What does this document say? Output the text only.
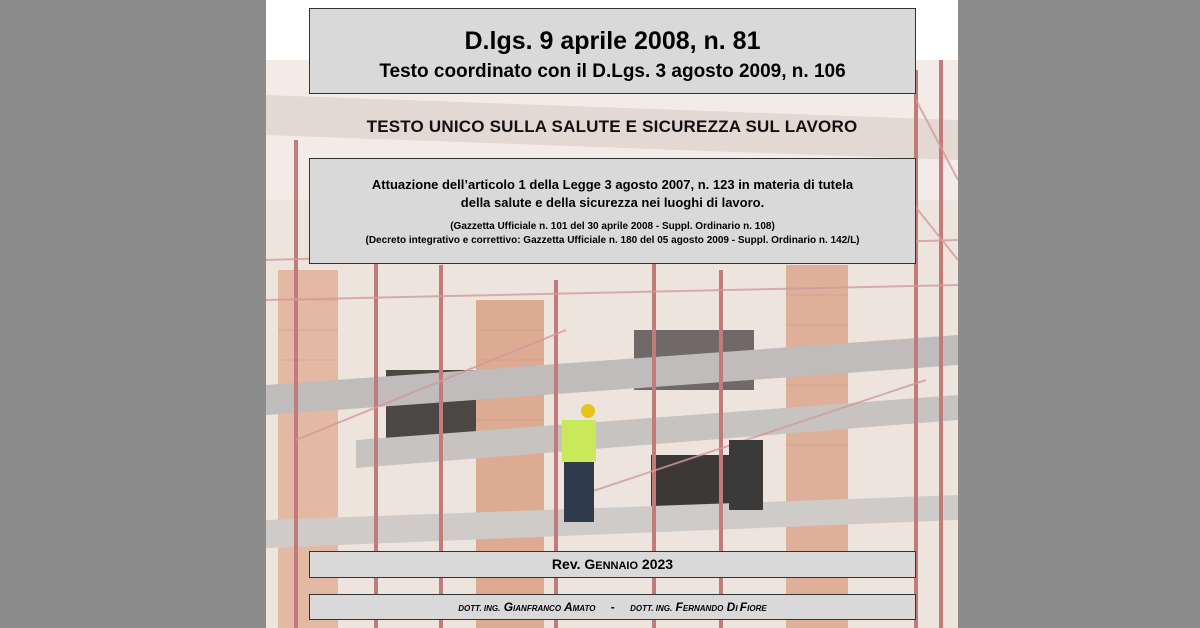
D.lgs. 9 aprile 2008, n. 81
Testo coordinato con il D.Lgs. 3 agosto 2009, n. 106
TESTO UNICO SULLA SALUTE E SICUREZZA SUL LAVORO
Attuazione dell’articolo 1 della Legge 3 agosto 2007, n. 123 in materia di tutela
della salute e della sicurezza nei luoghi di lavoro.
(Gazzetta Ufficiale n. 101 del 30 aprile 2008 - Suppl. Ordinario n. 108)
(Decreto integrativo e correttivo: Gazzetta Ufficiale n. 180 del 05 agosto 2009 - Suppl. Ordinario n. 142/L)
Rev. GENNAIO 2023
DOTT. ING. GIANFRANCO AMATO - DOTT. ING. FERNANDO DI FIORE
